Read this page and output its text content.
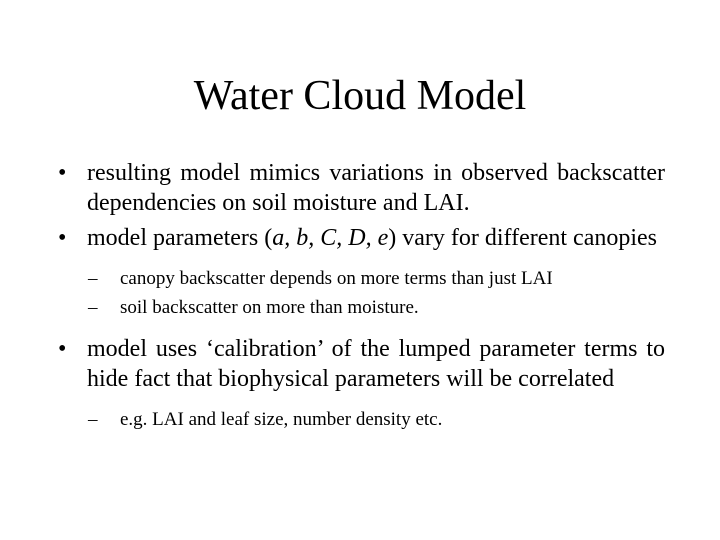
Water Cloud Model
• resulting model mimics variations in observed backscatter dependencies on soil moisture and LAI.
• model parameters (a, b, C, D, e) vary for different canopies
– canopy backscatter depends on more terms than just LAI
– soil backscatter on more than moisture.
• model uses ‘calibration’ of the lumped parameter terms to hide fact that biophysical parameters will be correlated
– e.g. LAI and leaf size, number density etc.
